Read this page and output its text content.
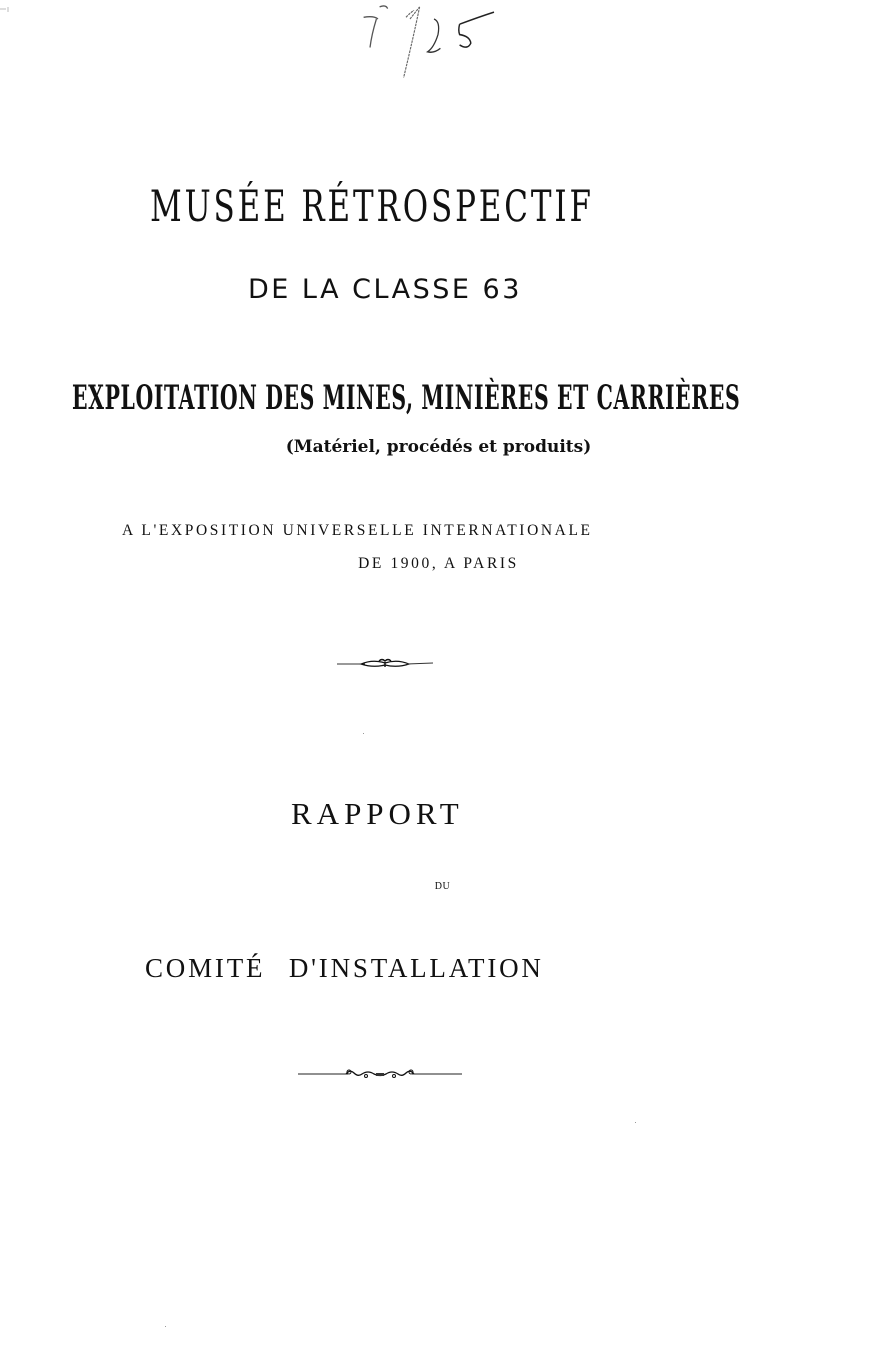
MUSÉE RÉTROSPECTIF
DE LA CLASSE 63
EXPLOITATION DES MINES, MINIÈRES ET CARRIÈRES
(Matériel, procédés et produits)
A L'EXPOSITION UNIVERSELLE INTERNATIONALE
DE 1900, A PARIS
RAPPORT
DU
COMITÉ D'INSTALLATION
